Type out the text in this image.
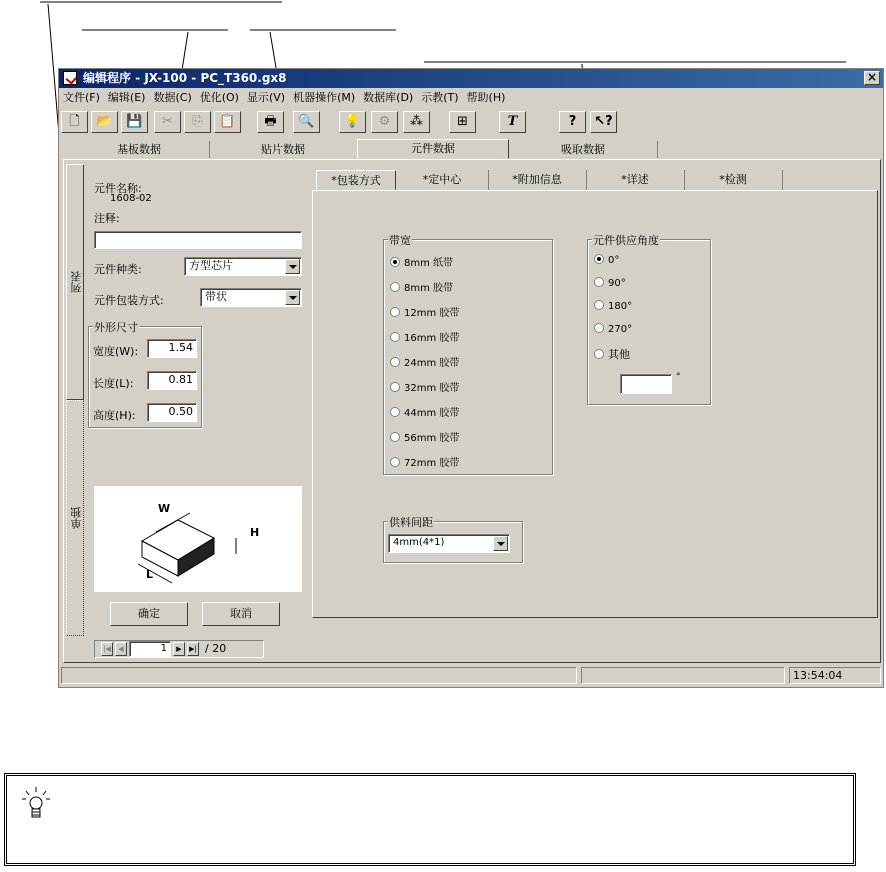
编辑程序 - JX-100 - PC_T360.gx8	×
文件(F) 编辑(E) 数据(C) 优化(O) 显示(V) 机器操作(M) 数据库(D) 示教(T) 帮助(H)
🗋	📂	💾	✂	⎘	📋	🖶	🔍	💡	⚙	⁂	⊞	T	?	↖?
基板数据	贴片数据	元件数据	吸取数据
列表
单独
元件名称:
1608-02
注释:
元件种类:	方型芯片
元件包装方式:	带状
外形尺寸
宽度(W):	1.54
长度(L):	0.81
高度(H):	0.50
W
H
L
确定	取消
*包装方式	*定中心	*附加信息	*详述	*检测
带宽
8mm 纸带
8mm 胶带
12mm 胶带
16mm 胶带
24mm 胶带
32mm 胶带
44mm 胶带
56mm 胶带
72mm 胶带
元件供应角度
0°
90°
180°
270°
其他
°
供料间距
4mm(4*1)
|◀	◀	1	▶	▶| / 20
13:54:04
